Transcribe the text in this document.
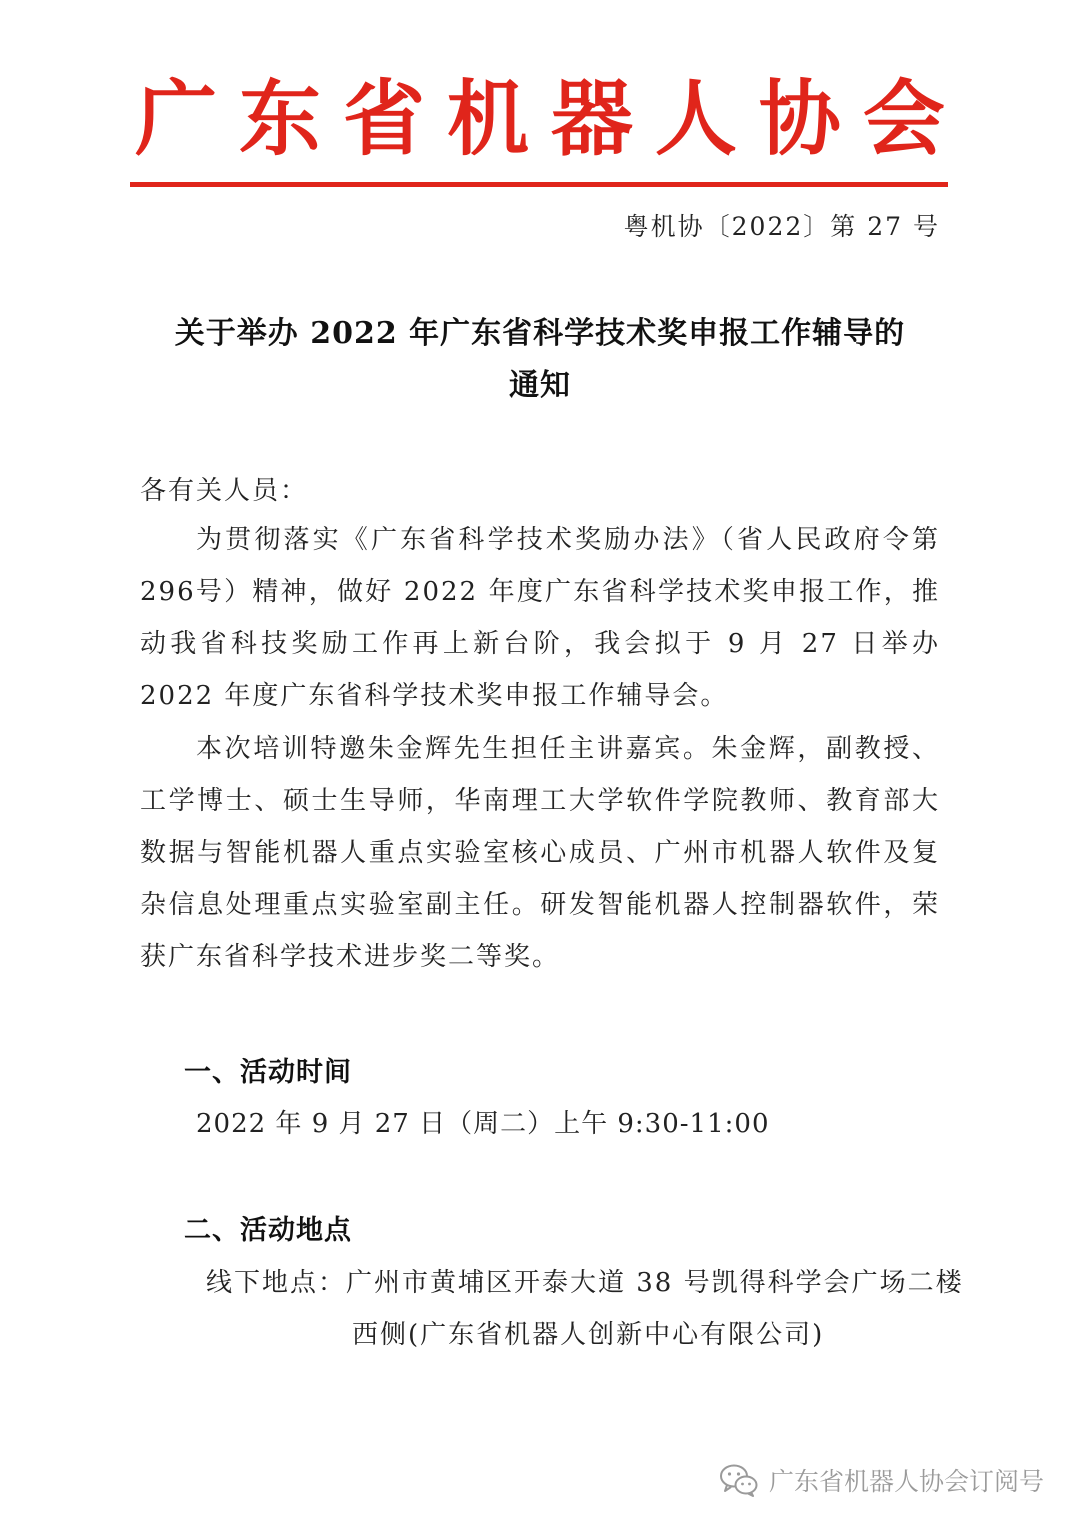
广 东 省 机 器 人 协 会
粤机协〔2022〕第 27 号
关于举办 2022 年广东省科学技术奖申报工作辅导的
通知
各有关人员：
为贯彻落实《广东省科学技术奖励办法》（省人民政府令第296号）精神，做好 2022 年度广东省科学技术奖申报工作，推动我省科技奖励工作再上新台阶，我会拟于 9 月 27 日举办 2022 年度广东省科学技术奖申报工作辅导会。
本次培训特邀朱金辉先生担任主讲嘉宾。朱金辉，副教授、工学博士、硕士生导师，华南理工大学软件学院教师、教育部大数据与智能机器人重点实验室核心成员、广州市机器人软件及复杂信息处理重点实验室副主任。研发智能机器人控制器软件，荣获广东省科学技术进步奖二等奖。
一、活动时间
2022 年 9 月 27 日（周二）上午 9:30-11:00
二、活动地点
线下地点：广州市黄埔区开泰大道 38 号凯得科学会广场二楼
西侧(广东省机器人创新中心有限公司)
广东省机器人协会订阅号
